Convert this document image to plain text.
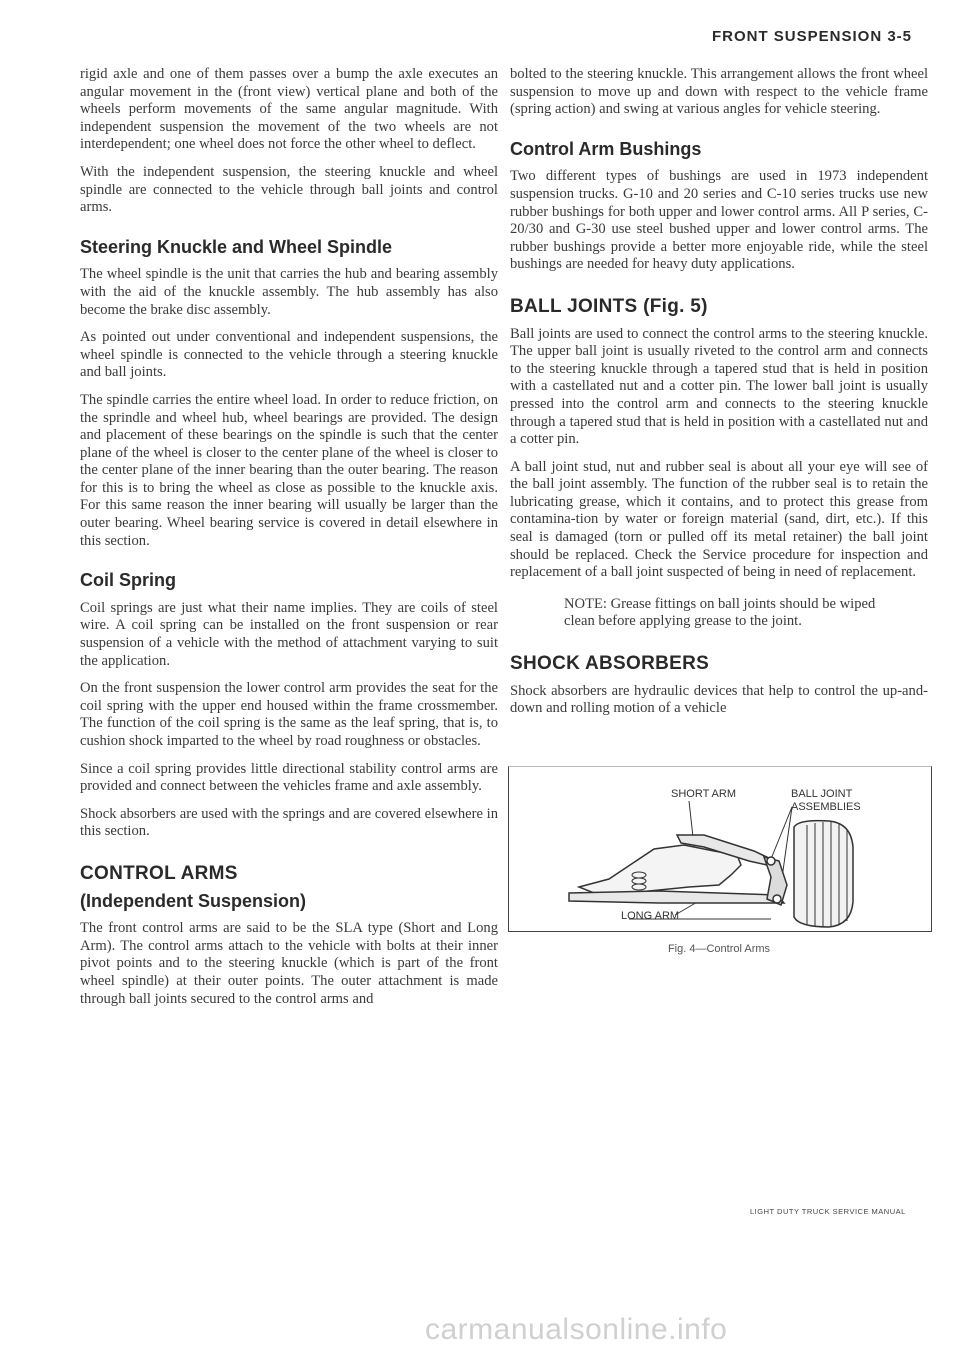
FRONT SUSPENSION 3-5

rigid axle and one of them passes over a bump the axle executes an angular movement in the (front view) vertical plane and both of the wheels perform movements of the same angular magnitude. With independent suspension the movement of the two wheels are not interdependent; one wheel does not force the other wheel to deflect.

With the independent suspension, the steering knuckle and wheel spindle are connected to the vehicle through ball joints and control arms.

Steering Knuckle and Wheel Spindle

The wheel spindle is the unit that carries the hub and bearing assembly with the aid of the knuckle assembly. The hub assembly has also become the brake disc assembly.

As pointed out under conventional and independent suspensions, the wheel spindle is connected to the vehicle through a steering knuckle and ball joints.

The spindle carries the entire wheel load. In order to reduce friction, on the sprindle and wheel hub, wheel bearings are provided. The design and placement of these bearings on the spindle is such that the center plane of the wheel is closer to the center plane of the wheel is closer to the center plane of the inner bearing than the outer bearing. The reason for this is to bring the wheel as close as possible to the knuckle axis. For this same reason the inner bearing will usually be larger than the outer bearing. Wheel bearing service is covered in detail elsewhere in this section.

Coil Spring

Coil springs are just what their name implies. They are coils of steel wire. A coil spring can be installed on the front suspension or rear suspension of a vehicle with the method of attachment varying to suit the application.

On the front suspension the lower control arm provides the seat for the coil spring with the upper end housed within the frame crossmember. The function of the coil spring is the same as the leaf spring, that is, to cushion shock imparted to the wheel by road roughness or obstacles.

Since a coil spring provides little directional stability control arms are provided and connect between the vehicles frame and axle assembly.

Shock absorbers are used with the springs and are covered elsewhere in this section.

CONTROL ARMS
(Independent Suspension)

The front control arms are said to be the SLA type (Short and Long Arm). The control arms attach to the vehicle with bolts at their inner pivot points and to the steering knuckle (which is part of the front wheel spindle) at their outer points. The outer attachment is made through ball joints secured to the control arms and

bolted to the steering knuckle. This arrangement allows the front wheel suspension to move up and down with respect to the vehicle frame (spring action) and swing at various angles for vehicle steering.

Control Arm Bushings

Two different types of bushings are used in 1973 independent suspension trucks. G-10 and 20 series and C-10 series trucks use new rubber bushings for both upper and lower control arms. All P series, C-20/30 and G-30 use steel bushed upper and lower control arms. The rubber bushings provide a better more enjoyable ride, while the steel bushings are needed for heavy duty applications.

BALL JOINTS (Fig. 5)

Ball joints are used to connect the control arms to the steering knuckle. The upper ball joint is usually riveted to the control arm and connects to the steering knuckle through a tapered stud that is held in position with a castellated nut and a cotter pin. The lower ball joint is usually pressed into the control arm and connects to the steering knuckle through a tapered stud that is held in position with a castellated nut and a cotter pin.

A ball joint stud, nut and rubber seal is about all your eye will see of the ball joint assembly. The function of the rubber seal is to retain the lubricating grease, which it contains, and to protect this grease from contamina-tion by water or foreign material (sand, dirt, etc.). If this seal is damaged (torn or pulled off its metal retainer) the ball joint should be replaced. Check the Service procedure for inspection and replacement of a ball joint suspected of being in need of replacement.

NOTE: Grease fittings on ball joints should be wiped clean before applying grease to the joint.

SHOCK ABSORBERS

Shock absorbers are hydraulic devices that help to control the up-and-down and rolling motion of a vehicle

SHORT ARM	BALL JOINT
ASSEMBLIES
LONG ARM
Fig. 4—Control Arms
LIGHT DUTY TRUCK SERVICE MANUAL
carmanualsonline.info
